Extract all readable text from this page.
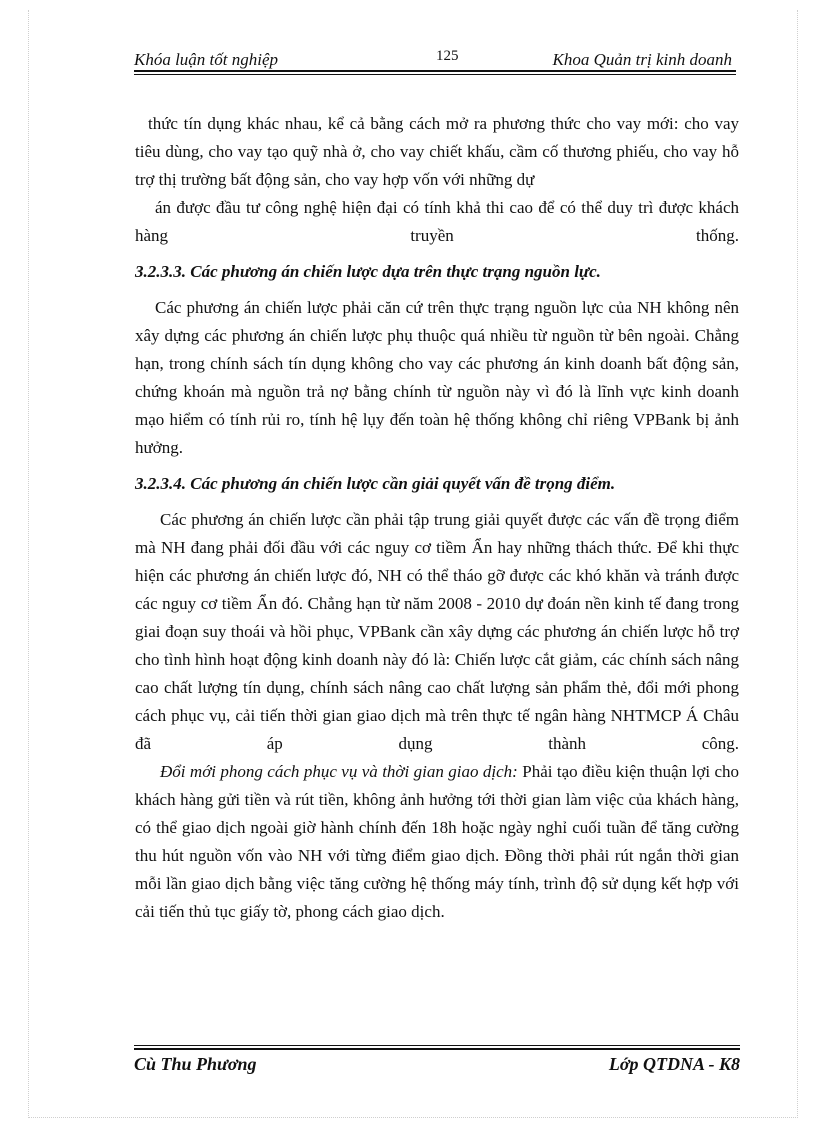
Khóa luận tốt nghiệp	125	Khoa Quản trị kinh doanh

thức tín dụng khác nhau, kể cả bằng cách mở ra phương thức cho vay mới: cho vay tiêu dùng, cho vay tạo quỹ nhà ở, cho vay chiết khấu, cầm cố thương phiếu, cho vay hỗ trợ thị trường bất động sản, cho vay hợp vốn với những dự

án được đầu tư công nghệ hiện đại có tính khả thi cao để có thể duy trì được khách hàng truyền thống.

3.2.3.3. Các phương án chiến lược dựa trên thực trạng nguồn lực.

Các phương án chiến lược phải căn cứ trên thực trạng nguồn lực của NH không nên xây dựng các phương án chiến lược phụ thuộc quá nhiều từ nguồn từ bên ngoài. Chẳng hạn, trong chính sách tín dụng không cho vay các phương án kinh doanh bất động sản, chứng khoán mà nguồn trả nợ bằng chính từ nguồn này vì đó là lĩnh vực kinh doanh mạo hiểm có tính rủi ro, tính hệ lụy đến toàn hệ thống không chỉ riêng VPBank bị ảnh hưởng.

3.2.3.4. Các phương án chiến lược cần giải quyết vấn đề trọng điểm.

Các phương án chiến lược cần phải tập trung giải quyết được các vấn đề trọng điểm mà NH đang phải đối đầu với các nguy cơ tiềm Ẩn hay những thách thức. Để khi thực hiện các phương án chiến lược đó, NH có thể tháo gỡ được các khó khăn và tránh được các nguy cơ tiềm Ẩn đó. Chẳng hạn từ năm 2008 - 2010 dự đoán nền kinh tế đang trong giai đoạn suy thoái và hồi phục, VPBank cần xây dựng các phương án chiến lược hỗ trợ cho tình hình hoạt động kinh doanh này đó là: Chiến lược cắt giảm, các chính sách nâng cao chất lượng tín dụng, chính sách nâng cao chất lượng sản phẩm thẻ, đổi mới phong cách phục vụ, cải tiến thời gian giao dịch mà trên thực tế ngân hàng NHTMCP Á Châu đã áp dụng thành công.

Đổi mới phong cách phục vụ và thời gian giao dịch: Phải tạo điều kiện thuận lợi cho khách hàng gửi tiền và rút tiền, không ảnh hưởng tới thời gian làm việc của khách hàng, có thể giao dịch ngoài giờ hành chính đến 18h hoặc ngày nghỉ cuối tuần để tăng cường thu hút nguồn vốn vào NH với từng điểm giao dịch. Đồng thời phải rút ngắn thời gian mỗi lần giao dịch bằng việc tăng cường hệ thống máy tính, trình độ sử dụng kết hợp với cải tiến thủ tục giấy tờ, phong cách giao dịch.

Cù Thu Phương	Lớp QTDNA - K8
